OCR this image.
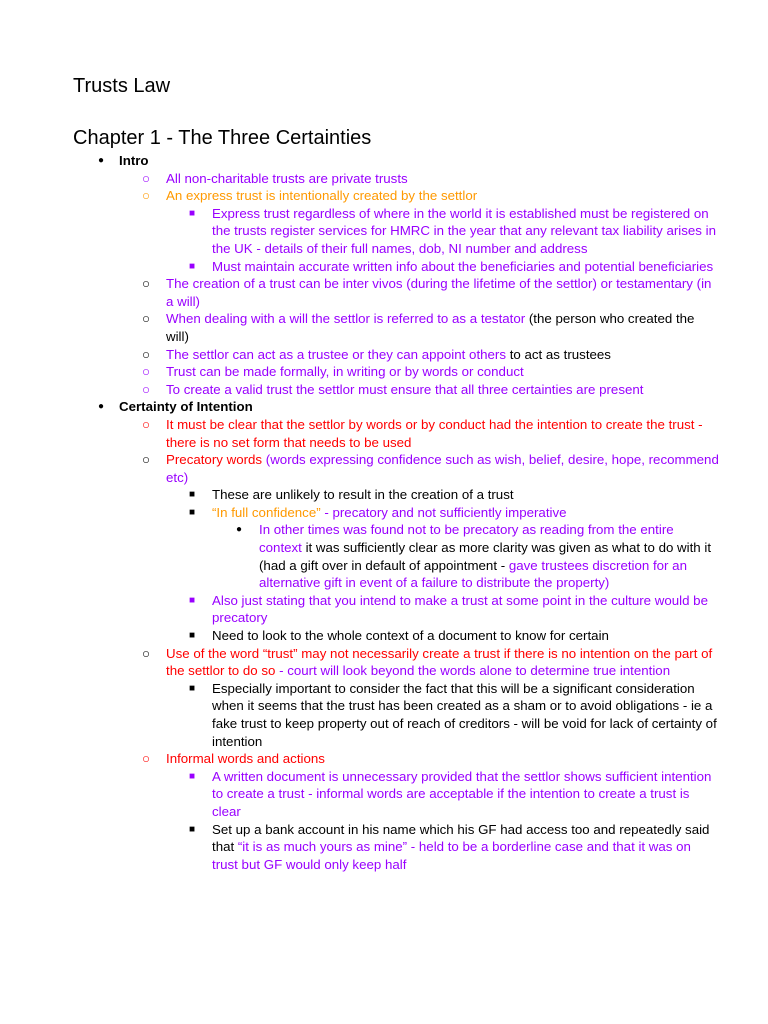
Trusts Law
Chapter 1 - The Three Certainties
● Intro
○ All non-charitable trusts are private trusts
○ An express trust is intentionally created by the settlor
■ Express trust regardless of where in the world it is established must be registered on the trusts register services for HMRC in the year that any relevant tax liability arises in the UK - details of their full names, dob, NI number and address
■ Must maintain accurate written info about the beneficiaries and potential beneficiaries
○ The creation of a trust can be inter vivos (during the lifetime of the settlor) or testamentary (in a will)
○ When dealing with a will the settlor is referred to as a testator (the person who created the will)
○ The settlor can act as a trustee or they can appoint others to act as trustees
○ Trust can be made formally, in writing or by words or conduct
○ To create a valid trust the settlor must ensure that all three certainties are present
● Certainty of Intention
○ It must be clear that the settlor by words or by conduct had the intention to create the trust - there is no set form that needs to be used
○ Precatory words (words expressing confidence such as wish, belief, desire, hope, recommend etc)
■ These are unlikely to result in the creation of a trust
■ “In full confidence” - precatory and not sufficiently imperative
● In other times was found not to be precatory as reading from the entire context it was sufficiently clear as more clarity was given as what to do with it (had a gift over in default of appointment - gave trustees discretion for an alternative gift in event of a failure to distribute the property)
■ Also just stating that you intend to make a trust at some point in the culture would be precatory
■ Need to look to the whole context of a document to know for certain
○ Use of the word “trust” may not necessarily create a trust if there is no intention on the part of the settlor to do so - court will look beyond the words alone to determine true intention
■ Especially important to consider the fact that this will be a significant consideration when it seems that the trust has been created as a sham or to avoid obligations - ie a fake trust to keep property out of reach of creditors - will be void for lack of certainty of intention
○ Informal words and actions
■ A written document is unnecessary provided that the settlor shows sufficient intention to create a trust - informal words are acceptable if the intention to create a trust is clear
■ Set up a bank account in his name which his GF had access too and repeatedly said that “it is as much yours as mine” - held to be a borderline case and that it was on trust but GF would only keep half
